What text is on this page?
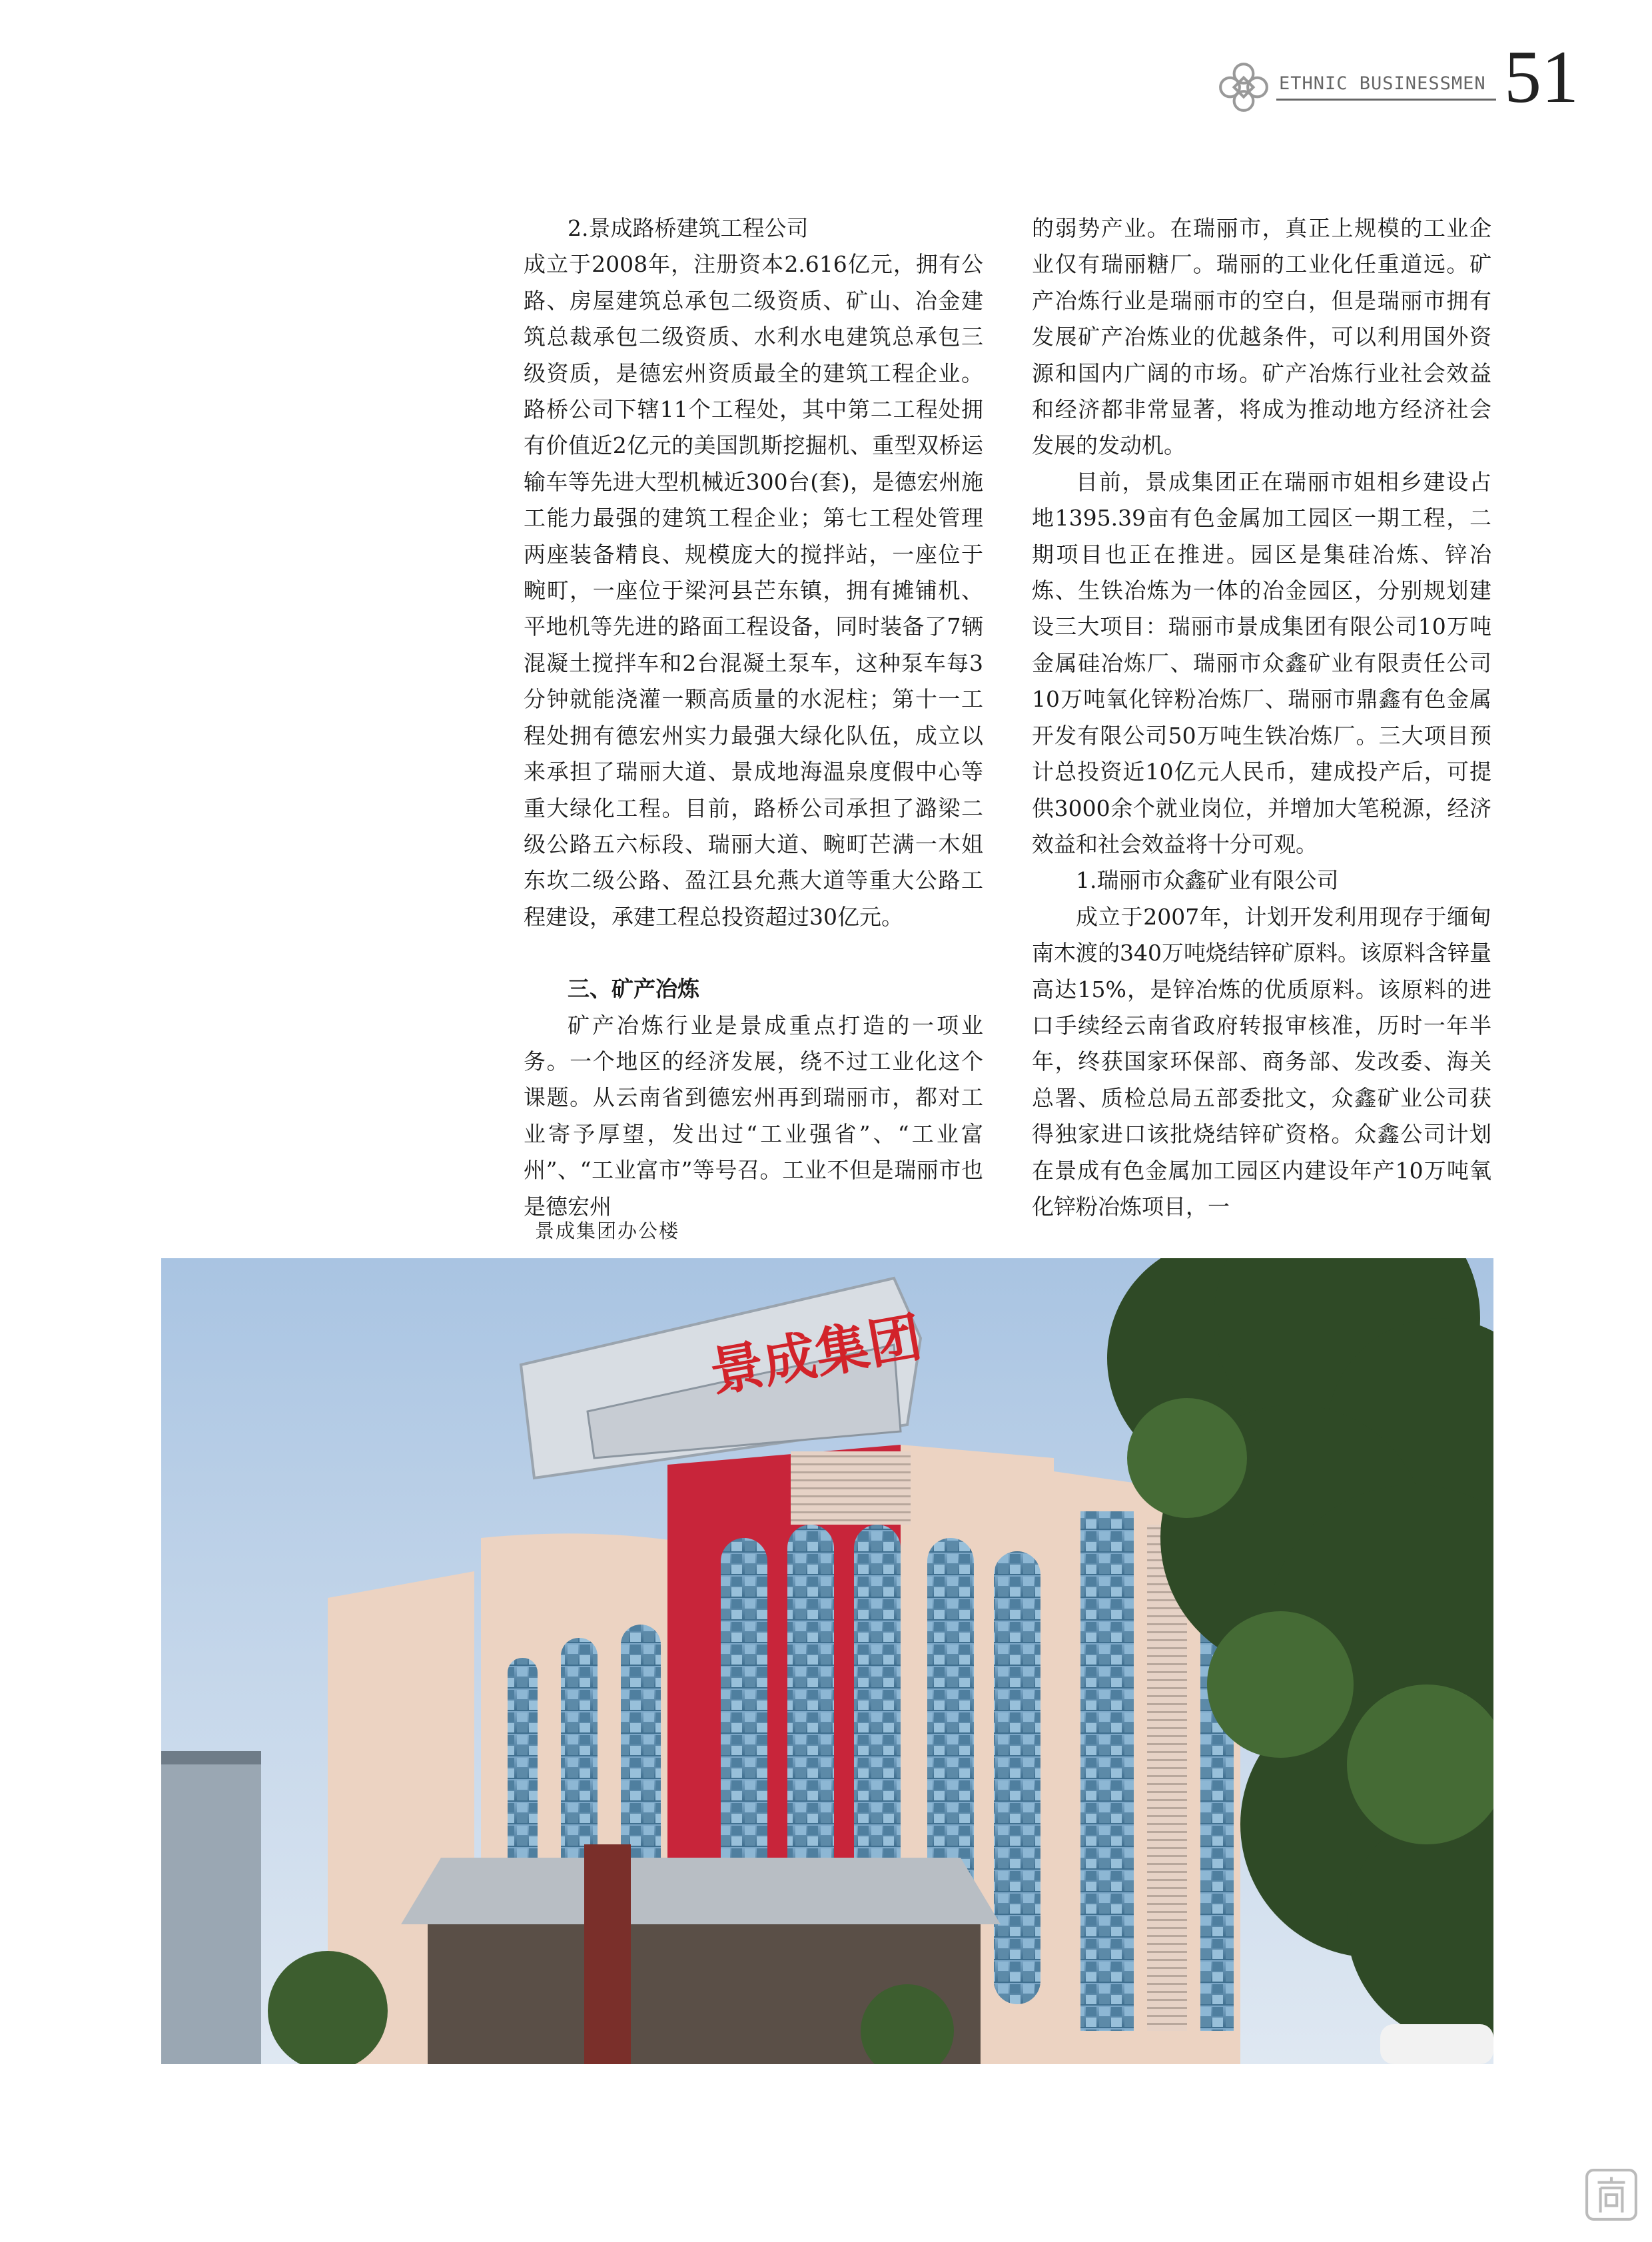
ETHNIC BUSINESSMEN 51

2.景成路桥建筑工程公司

成立于2008年，注册资本2.616亿元，拥有公路、房屋建筑总承包二级资质、矿山、冶金建筑总裁承包二级资质、水利水电建筑总承包三级资质，是德宏州资质最全的建筑工程企业。路桥公司下辖11个工程处，其中第二工程处拥有价值近2亿元的美国凯斯挖掘机、重型双桥运输车等先进大型机械近300台(套)，是德宏州施工能力最强的建筑工程企业；第七工程处管理两座装备精良、规模庞大的搅拌站，一座位于畹町，一座位于梁河县芒东镇，拥有摊铺机、平地机等先进的路面工程设备，同时装备了7辆混凝土搅拌车和2台混凝土泵车，这种泵车每3分钟就能浇灌一颗高质量的水泥柱；第十一工程处拥有德宏州实力最强大绿化队伍，成立以来承担了瑞丽大道、景成地海温泉度假中心等重大绿化工程。目前，路桥公司承担了潞梁二级公路五六标段、瑞丽大道、畹町芒满一木姐东坎二级公路、盈江县允燕大道等重大公路工程建设，承建工程总投资超过30亿元。

三、矿产冶炼

矿产冶炼行业是景成重点打造的一项业务。一个地区的经济发展，绕不过工业化这个课题。从云南省到德宏州再到瑞丽市，都对工业寄予厚望，发出过“工业强省”、“工业富州”、“工业富市”等号召。工业不但是瑞丽市也是德宏州

的弱势产业。在瑞丽市，真正上规模的工业企业仅有瑞丽糖厂。瑞丽的工业化任重道远。矿产冶炼行业是瑞丽市的空白，但是瑞丽市拥有发展矿产冶炼业的优越条件，可以利用国外资源和国内广阔的市场。矿产冶炼行业社会效益和经济都非常显著，将成为推动地方经济社会发展的发动机。

目前，景成集团正在瑞丽市姐相乡建设占地1395.39亩有色金属加工园区一期工程，二期项目也正在推进。园区是集硅冶炼、锌冶炼、生铁冶炼为一体的冶金园区，分别规划建设三大项目：瑞丽市景成集团有限公司10万吨金属硅冶炼厂、瑞丽市众鑫矿业有限责任公司10万吨氧化锌粉冶炼厂、瑞丽市鼎鑫有色金属开发有限公司50万吨生铁冶炼厂。三大项目预计总投资近10亿元人民币，建成投产后，可提供3000余个就业岗位，并增加大笔税源，经济效益和社会效益将十分可观。

1.瑞丽市众鑫矿业有限公司

成立于2007年，计划开发利用现存于缅甸南木渡的340万吨烧结锌矿原料。该原料含锌量高达15%，是锌冶炼的优质原料。该原料的进口手续经云南省政府转报审核准，历时一年半年，终获国家环保部、商务部、发改委、海关总署、质检总局五部委批文，众鑫矿业公司获得独家进口该批烧结锌矿资格。众鑫公司计划在景成有色金属加工园区内建设年产10万吨氧化锌粉冶炼项目，一

景成集团办公楼
景成集团
